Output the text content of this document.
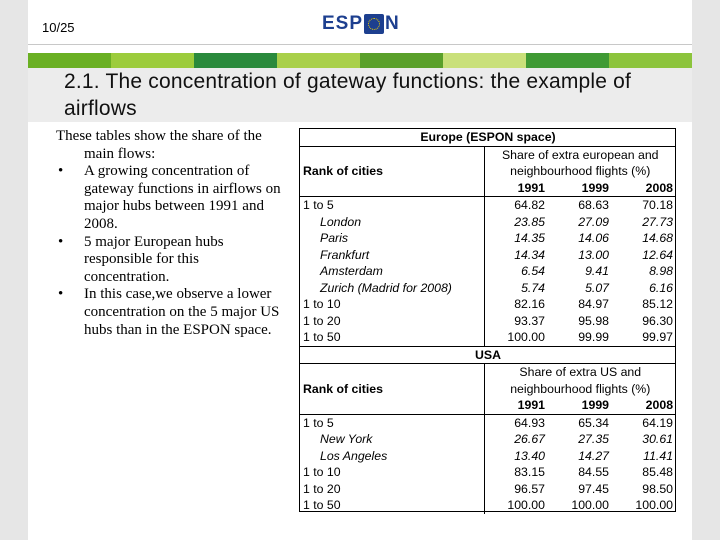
10/25	ESP N
2.1. The concentration of gateway functions: the example of airflows
These tables show the share of the main flows:
• A growing concentration of gateway functions in airflows on major hubs between 1991 and 2008.
• 5 major European hubs responsible for this concentration.
• In this case,we observe a lower concentration on the 5 major US hubs than in the ESPON space.
Europe (ESPON space)			
Rank of cities	Share of extra european and neighbourhood flights (%)		

	1991	1999	2008
1 to 5	64.82	68.63	70.18
London	23.85	27.09	27.73
Paris	14.35	14.06	14.68
Frankfurt	14.34	13.00	12.64
Amsterdam	6.54	9.41	8.98
Zurich (Madrid for 2008)	5.74	5.07	6.16
1 to 10	82.16	84.97	85.12
1 to 20	93.37	95.98	96.30
1 to 50	100.00	99.99	99.97
USA			
Rank of cities	Share of extra US and neighbourhood flights (%)		

	1991	1999	2008
1 to 5	64.93	65.34	64.19
New York	26.67	27.35	30.61
Los Angeles	13.40	14.27	11.41
1 to 10	83.15	84.55	85.48
1 to 20	96.57	97.45	98.50
1 to 50	100.00	100.00	100.00
